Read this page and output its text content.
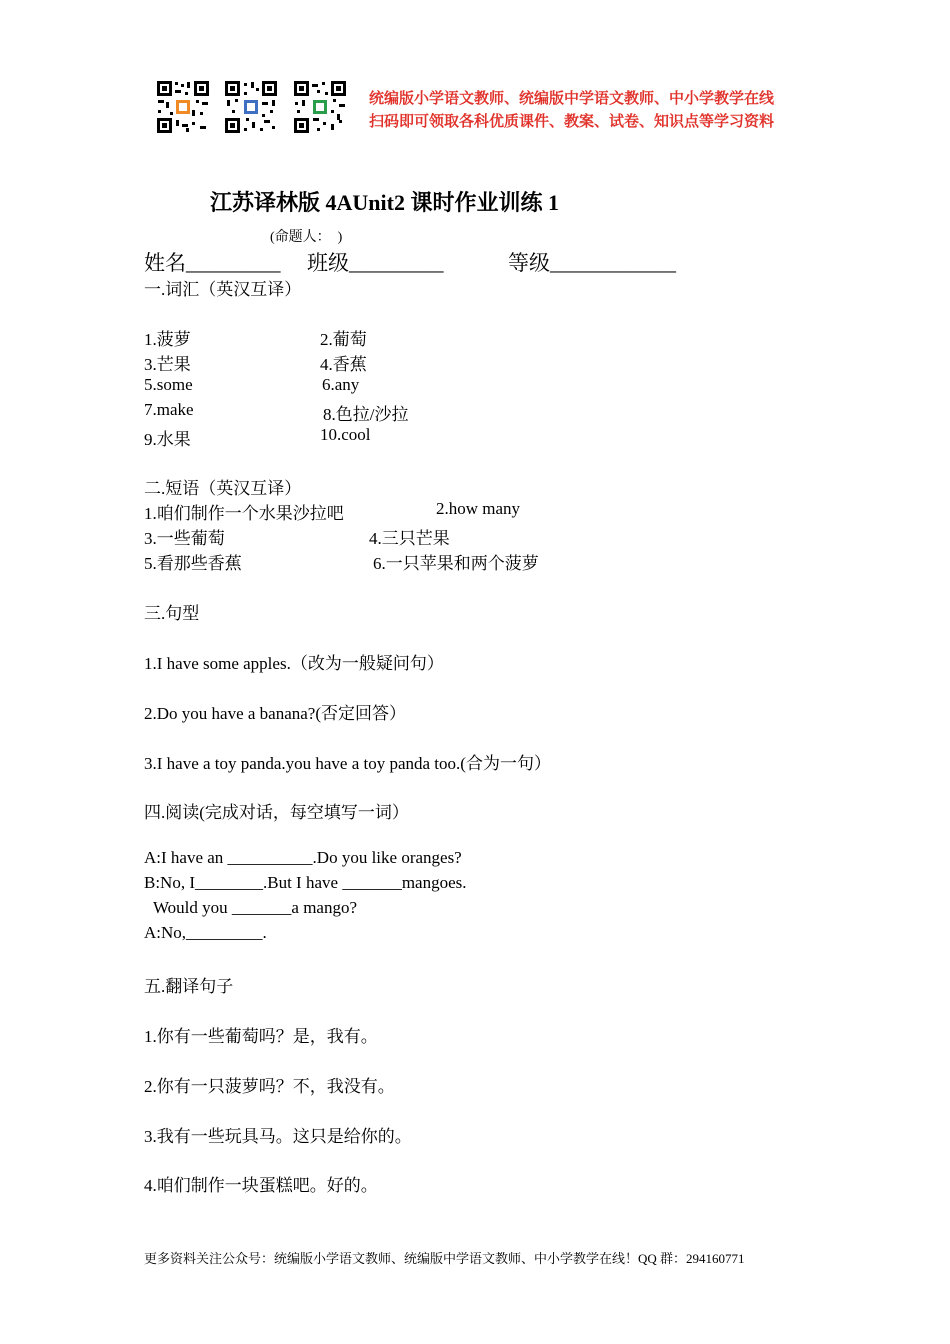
统编版小学语文教师、统编版中学语文教师、中小学教学在线
扫码即可领取各科优质课件、教案、试卷、知识点等学习资料
江苏译林版 4AUnit2 课时作业训练 1
(命题人：　)
姓名_________ 班级_________	等级____________
一.词汇（英汉互译）
1.菠萝	2.葡萄
3.芒果	4.香蕉
5.some	6.any
7.make	8.色拉/沙拉
9.水果	10.cool
二.短语（英汉互译）
1.咱们制作一个水果沙拉吧	2.how many
3.一些葡萄	4.三只芒果
5.看那些香蕉	6.一只苹果和两个菠萝
三.句型
1.I have some apples.（改为一般疑问句）
2.Do you have a banana?(否定回答）
3.I have a toy panda.you have a toy panda too.(合为一句）
四.阅读(完成对话，每空填写一词）
A:I have an __________.Do you like oranges?
B:No, I________.But I have _______mangoes.
Would you _______a mango?
A:No,_________.
五.翻译句子
1.你有一些葡萄吗？是，我有。
2.你有一只菠萝吗？不，我没有。
3.我有一些玩具马。这只是给你的。
4.咱们制作一块蛋糕吧。好的。
更多资料关注公众号：统编版小学语文教师、统编版中学语文教师、中小学教学在线！QQ 群：294160771
